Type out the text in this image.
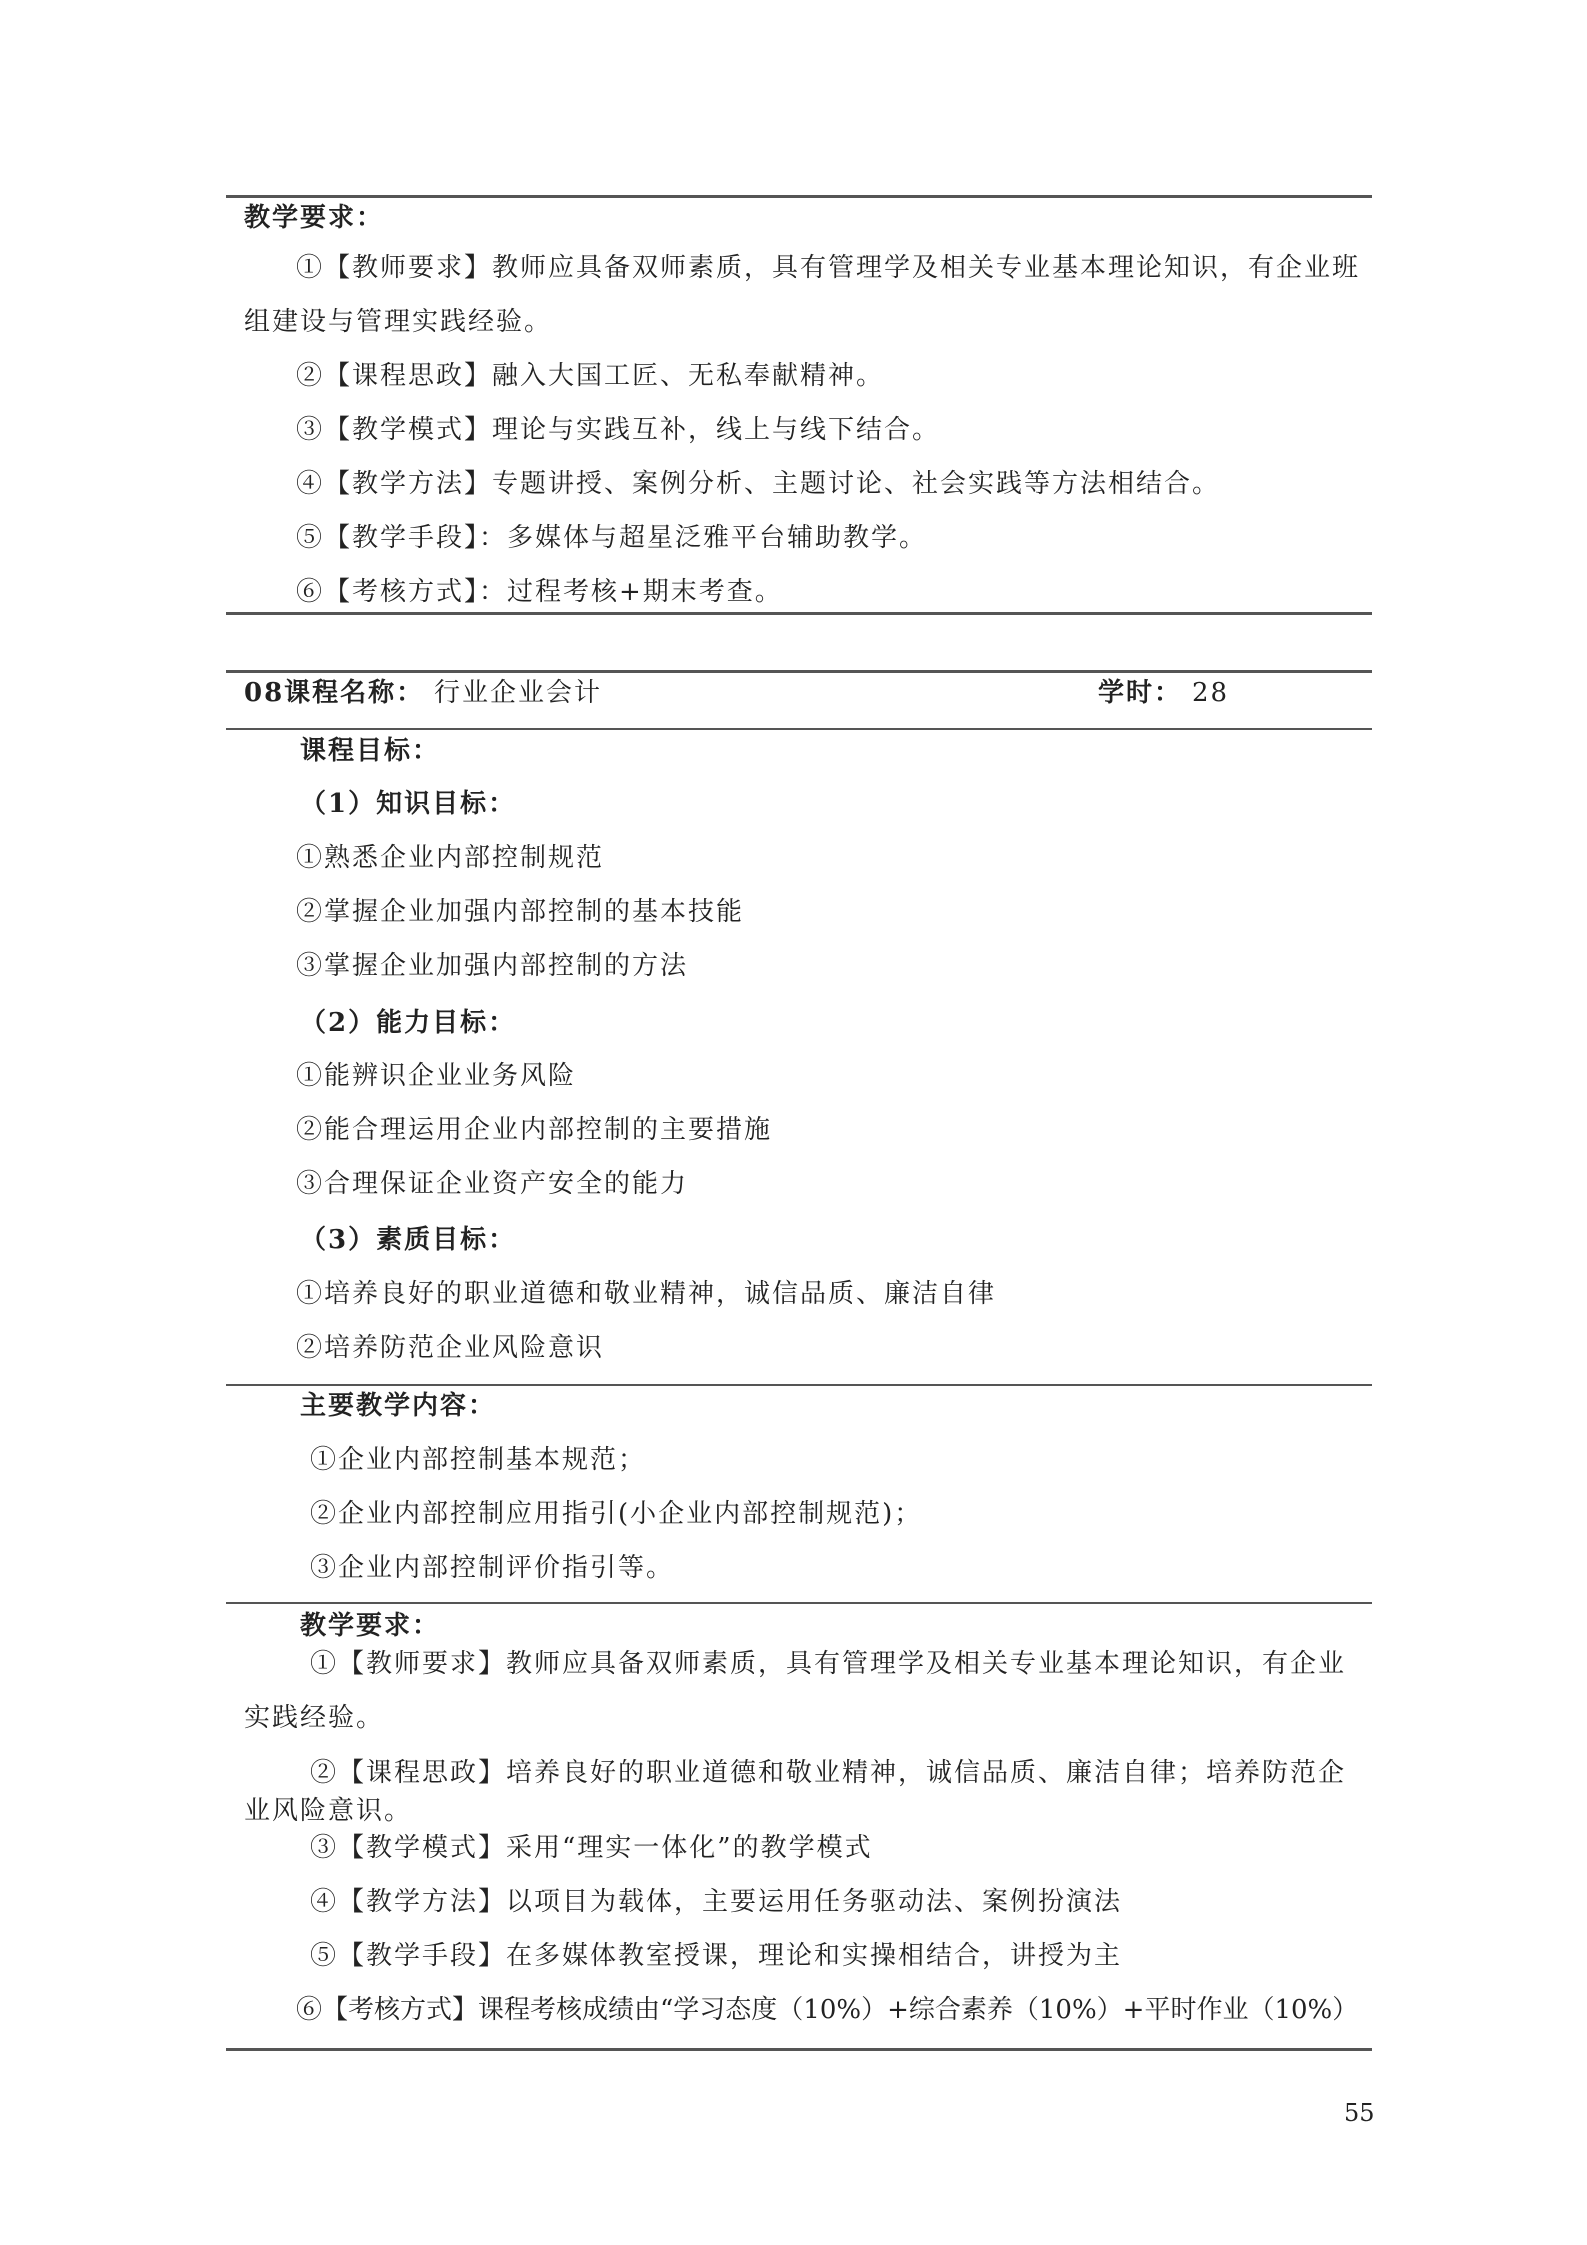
教学要求：
①【教师要求】教师应具备双师素质，具有管理学及相关专业基本理论知识，有企业班
组建设与管理实践经验。
②【课程思政】融入大国工匠、无私奉献精神。
③【教学模式】理论与实践互补，线上与线下结合。
④【教学方法】专题讲授、案例分析、主题讨论、社会实践等方法相结合。
⑤【教学手段】：多媒体与超星泛雅平台辅助教学。
⑥【考核方式】：过程考核+期末考查。
08课程名称： 行业企业会计	学时： 28
课程目标：
（1）知识目标：
①熟悉企业内部控制规范
②掌握企业加强内部控制的基本技能
③掌握企业加强内部控制的方法
（2）能力目标：
①能辨识企业业务风险
②能合理运用企业内部控制的主要措施
③合理保证企业资产安全的能力
（3）素质目标：
①培养良好的职业道德和敬业精神，诚信品质、廉洁自律
②培养防范企业风险意识
主要教学内容：
①企业内部控制基本规范；
②企业内部控制应用指引(小企业内部控制规范)；
③企业内部控制评价指引等。
教学要求：
①【教师要求】教师应具备双师素质，具有管理学及相关专业基本理论知识，有企业
实践经验。
②【课程思政】培养良好的职业道德和敬业精神，诚信品质、廉洁自律；培养防范企
业风险意识。
③【教学模式】采用“理实一体化”的教学模式
④【教学方法】以项目为载体，主要运用任务驱动法、案例扮演法
⑤【教学手段】在多媒体教室授课，理论和实操相结合，讲授为主
⑥【考核方式】课程考核成绩由“学习态度（10%）+综合素养（10%）+平时作业（10%）
55
